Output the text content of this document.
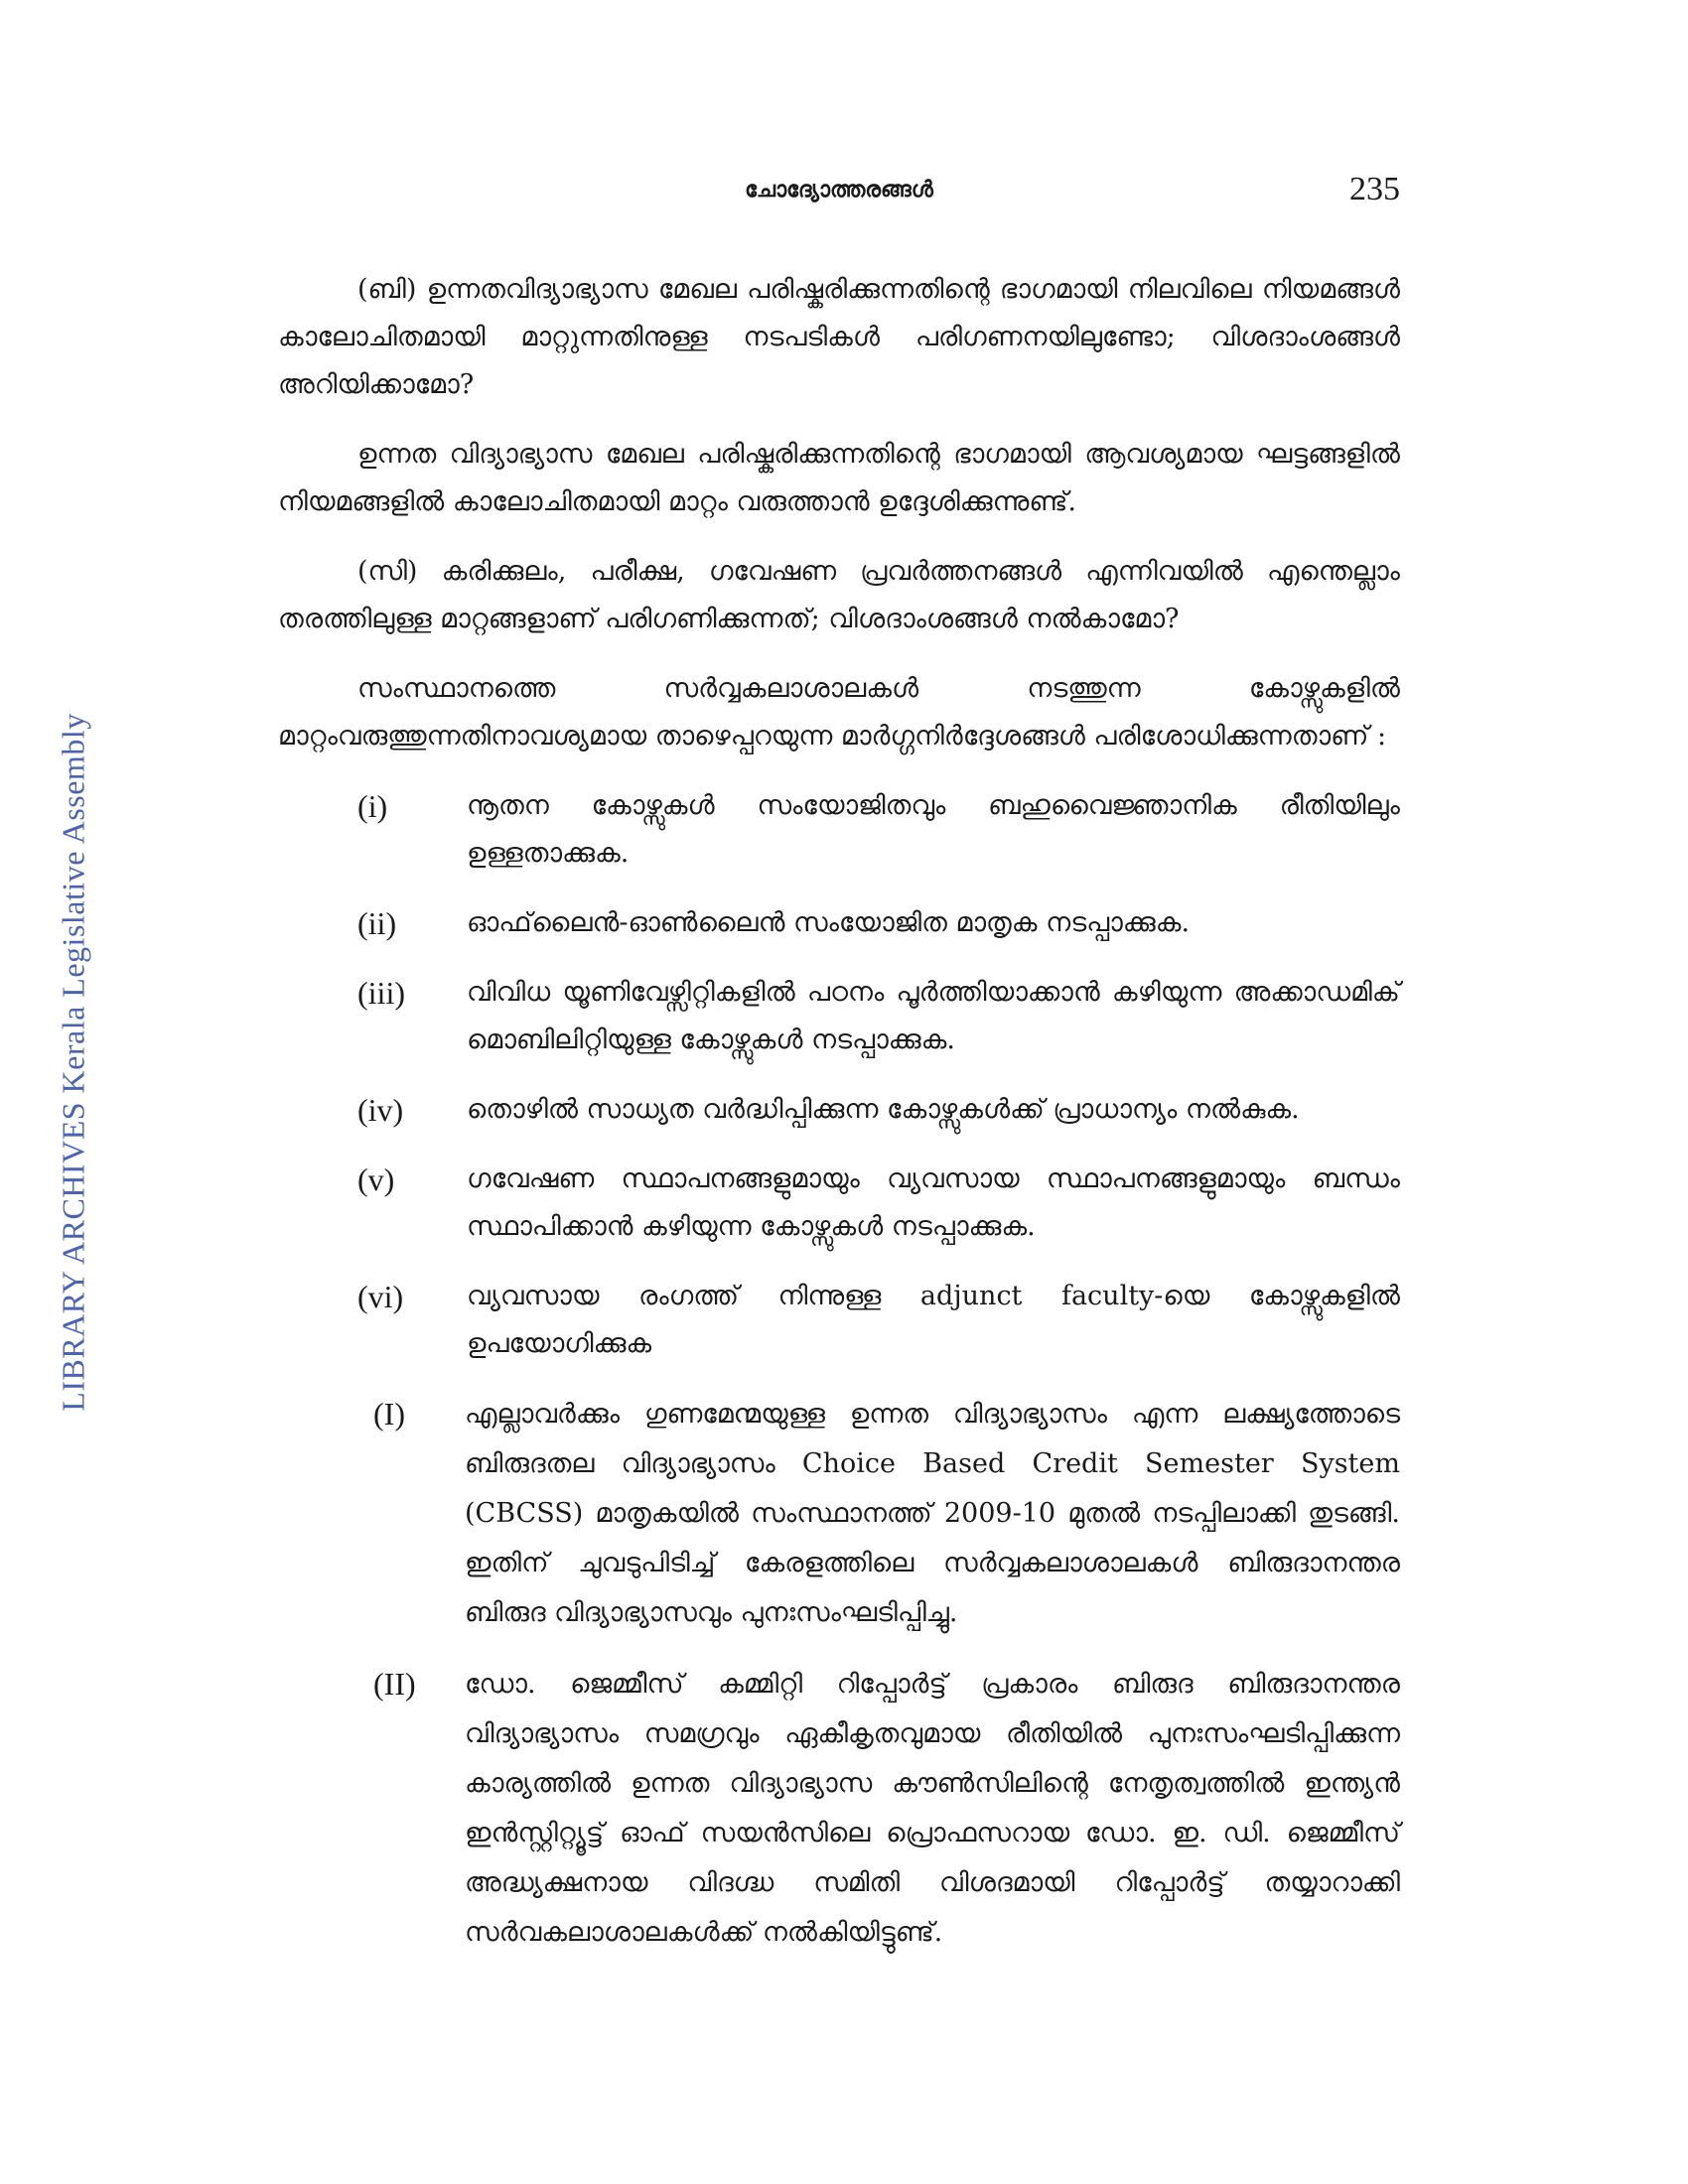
LIBRARY ARCHIVES Kerala Legislative Assembly
ചോദ്യോത്തരങ്ങൾ	235

(ബി) ഉന്നതവിദ്യാഭ്യാസ മേഖല പരിഷ്കരിക്കുന്നതിന്റെ ഭാഗമായി നിലവിലെ നിയമങ്ങൾ കാലോചിതമായി മാറ്റുന്നതിനുള്ള നടപടികൾ പരിഗണനയിലുണ്ടോ; വിശദാംശങ്ങൾ അറിയിക്കാമോ?

ഉന്നത വിദ്യാഭ്യാസ മേഖല പരിഷ്കരിക്കുന്നതിന്റെ ഭാഗമായി ആവശ്യമായ ഘട്ടങ്ങളിൽ നിയമങ്ങളിൽ കാലോചിതമായി മാറ്റം വരുത്താൻ ഉദ്ദേശിക്കുന്നുണ്ട്.

(സി) കരിക്കുലം, പരീക്ഷ, ഗവേഷണ പ്രവർത്തനങ്ങൾ എന്നിവയിൽ എന്തെല്ലാം തരത്തിലുള്ള മാറ്റങ്ങളാണ് പരിഗണിക്കുന്നത്; വിശദാംശങ്ങൾ നൽകാമോ?

സംസ്ഥാനത്തെ സർവ്വകലാശാലകൾ നടത്തുന്ന കോഴ്സുകളിൽ മാറ്റംവരുത്തുന്നതിനാവശ്യമായ താഴെപ്പറയുന്ന മാർഗ്ഗനിർദ്ദേശങ്ങൾ പരിശോധിക്കുന്നതാണ് :

(i)	നൂതന കോഴ്സുകൾ സംയോജിതവും ബഹുവൈജ്ഞാനിക രീതിയിലും ഉള്ളതാക്കുക.
(ii)	ഓഫ്‌ലൈൻ-ഓൺലൈൻ സംയോജിത മാതൃക നടപ്പാക്കുക.
(iii)	വിവിധ യൂണിവേഴ്സിറ്റികളിൽ പഠനം പൂർത്തിയാക്കാൻ കഴിയുന്ന അക്കാഡമിക് മൊബിലിറ്റിയുള്ള കോഴ്സുകൾ നടപ്പാക്കുക.
(iv)	തൊഴിൽ സാധ്യത വർദ്ധിപ്പിക്കുന്ന കോഴ്സുകൾക്ക് പ്രാധാന്യം നൽകുക.
(v)	ഗവേഷണ സ്ഥാപനങ്ങളുമായും വ്യവസായ സ്ഥാപനങ്ങളുമായും ബന്ധം സ്ഥാപിക്കാൻ കഴിയുന്ന കോഴ്സുകൾ നടപ്പാക്കുക.
(vi)	വ്യവസായ രംഗത്ത് നിന്നുള്ള adjunct faculty-യെ കോഴ്സുകളിൽ ഉപയോഗിക്കുക
(I)	എല്ലാവർക്കും ഗുണമേന്മയുള്ള ഉന്നത വിദ്യാഭ്യാസം എന്ന ലക്ഷ്യത്തോടെ ബിരുദതല വിദ്യാഭ്യാസം Choice Based Credit Semester System (CBCSS) മാതൃകയിൽ സംസ്ഥാനത്ത് 2009-10 മുതൽ നടപ്പിലാക്കി തുടങ്ങി. ഇതിന് ചുവടുപിടിച്ച് കേരളത്തിലെ സർവ്വകലാശാലകൾ ബിരുദാനന്തര ബിരുദ വിദ്യാഭ്യാസവും പുനഃസംഘടിപ്പിച്ചു.
(II)	ഡോ. ജെമ്മീസ് കമ്മിറ്റി റിപ്പോർട്ട് പ്രകാരം ബിരുദ ബിരുദാനന്തര വിദ്യാഭ്യാസം സമഗ്രവും ഏകീകൃതവുമായ രീതിയിൽ പുനഃസംഘടിപ്പിക്കുന്ന കാര്യത്തിൽ ഉന്നത വിദ്യാഭ്യാസ കൗൺസിലിന്റെ നേതൃത്വത്തിൽ ഇന്ത്യൻ ഇൻസ്റ്റിറ്റ്യൂട്ട് ഓഫ് സയൻസിലെ പ്രൊഫസറായ ഡോ. ഇ. ഡി. ജെമ്മീസ് അദ്ധ്യക്ഷനായ വിദഗ്ദ്ധ സമിതി വിശദമായി റിപ്പോർട്ട് തയ്യാറാക്കി സർവകലാശാലകൾക്ക് നൽകിയിട്ടുണ്ട്.
